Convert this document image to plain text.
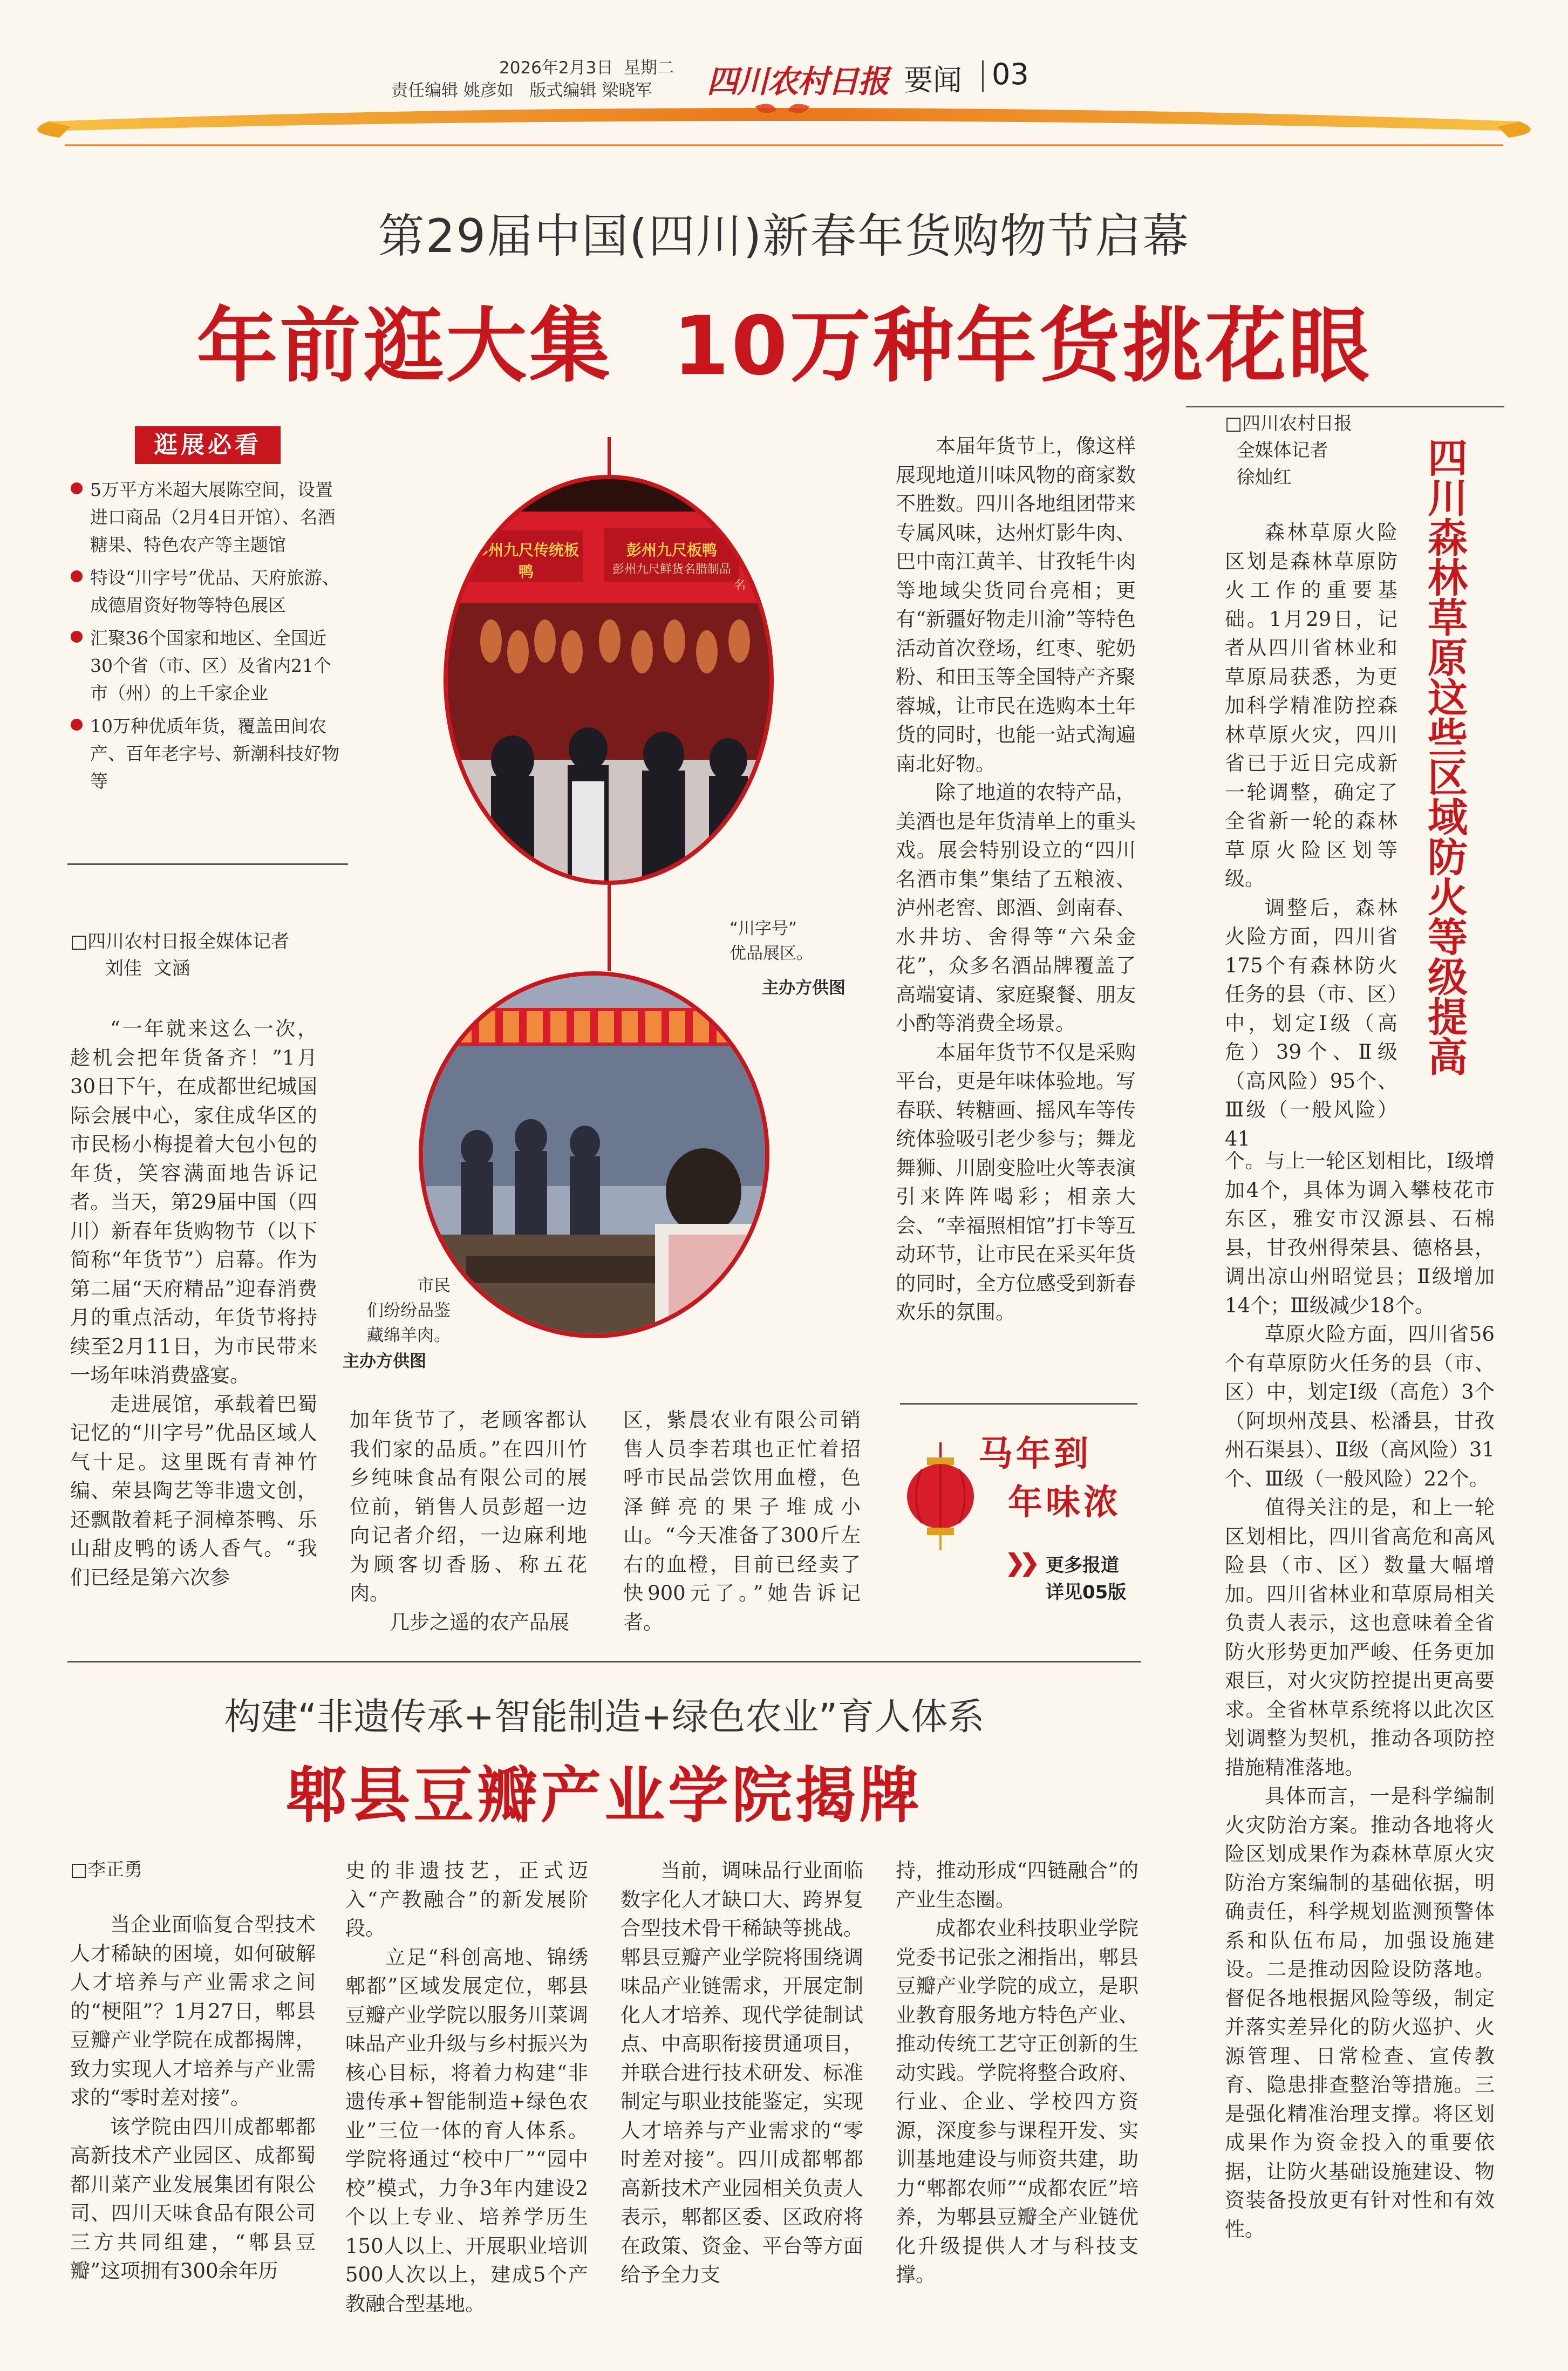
2026年2月3日  星期二
责任编辑 姚彦如   版式编辑 梁晓军 四川农村日报 要闻 03
第29届中国(四川)新春年货购物节启幕
年前逛大集  10万种年货挑花眼
逛展必看
5万平方米超大展陈空间，设置进口商品（2月4日开馆）、名酒糖果、特色农产等主题馆
特设“川字号”优品、天府旅游、成德眉资好物等特色展区
汇聚36个国家和地区、全国近30个省（市、区）及省内21个市（州）的上千家企业
10万种优质年货，覆盖田间农产、百年老字号、新潮科技好物等
彭州九尺传统板鸭
彭州九尺板鸭
彭州九尺鲜货名腊制品
名
“川字号”
优品展区。
主办方供图
市民
们纷纷品鉴
藏绵羊肉。
主办方供图

□四川农村日报全媒体记者
刘佳  文涵

“一年就来这么一次，趁机会把年货备齐！”1月30日下午，在成都世纪城国际会展中心，家住成华区的市民杨小梅提着大包小包的年货，笑容满面地告诉记者。当天，第29届中国（四川）新春年货购物节（以下简称“年货节”）启幕。作为第二届“天府精品”迎春消费月的重点活动，年货节将持续至2月11日，为市民带来一场年味消费盛宴。

走进展馆，承载着巴蜀记忆的“川字号”优品区域人气十足。这里既有青神竹编、荣县陶艺等非遗文创，还飘散着耗子洞樟茶鸭、乐山甜皮鸭的诱人香气。“我们已经是第六次参

加年货节了，老顾客都认我们家的品质。”在四川竹乡纯味食品有限公司的展位前，销售人员彭超一边向记者介绍，一边麻利地为顾客切香肠、称五花肉。

几步之遥的农产品展

区，紫晨农业有限公司销售人员李若琪也正忙着招呼市民品尝饮用血橙，色泽鲜亮的果子堆成小山。“今天准备了300斤左右的血橙，目前已经卖了快900元了。”她告诉记者。

本届年货节上，像这样展现地道川味风物的商家数不胜数。四川各地组团带来专属风味，达州灯影牛肉、巴中南江黄羊、甘孜牦牛肉等地域尖货同台亮相；更有“新疆好物走川渝”等特色活动首次登场，红枣、驼奶粉、和田玉等全国特产齐聚蓉城，让市民在选购本土年货的同时，也能一站式淘遍南北好物。

除了地道的农特产品，美酒也是年货清单上的重头戏。展会特别设立的“四川名酒市集”集结了五粮液、泸州老窖、郎酒、剑南春、水井坊、舍得等“六朵金花”，众多名酒品牌覆盖了高端宴请、家庭聚餐、朋友小酌等消费全场景。

本届年货节不仅是采购平台，更是年味体验地。写春联、转糖画、摇风车等传统体验吸引老少参与；舞龙舞狮、川剧变脸吐火等表演引来阵阵喝彩；相亲大会、“幸福照相馆”打卡等互动环节，让市民在采买年货的同时，全方位感受到新春欢乐的氛围。

马年到
年味浓
❯❯ 更多报道
详见05版

□四川农村日报
全媒体记者
徐灿红	四川森林草原这些区域防火等级提高

森林草原火险区划是森林草原防火工作的重要基础。1月29日，记者从四川省林业和草原局获悉，为更加科学精准防控森林草原火灾，四川省已于近日完成新一轮调整，确定了全省新一轮的森林草原火险区划等级。

调整后，森林火险方面，四川省175个有森林防火任务的县（市、区）中，划定Ⅰ级（高危）39个、Ⅱ级（高风险）95个、Ⅲ级（一般风险）41

个。与上一轮区划相比，Ⅰ级增加4个，具体为调入攀枝花市东区，雅安市汉源县、石棉县，甘孜州得荣县、德格县，调出凉山州昭觉县；Ⅱ级增加14个；Ⅲ级减少18个。

草原火险方面，四川省56个有草原防火任务的县（市、区）中，划定Ⅰ级（高危）3个（阿坝州茂县、松潘县，甘孜州石渠县）、Ⅱ级（高风险）31个、Ⅲ级（一般风险）22个。

值得关注的是，和上一轮区划相比，四川省高危和高风险县（市、区）数量大幅增加。四川省林业和草原局相关负责人表示，这也意味着全省防火形势更加严峻、任务更加艰巨，对火灾防控提出更高要求。全省林草系统将以此次区划调整为契机，推动各项防控措施精准落地。

具体而言，一是科学编制火灾防治方案。推动各地将火险区划成果作为森林草原火灾防治方案编制的基础依据，明确责任，科学规划监测预警体系和队伍布局，加强设施建设。二是推动因险设防落地。督促各地根据风险等级，制定并落实差异化的防火巡护、火源管理、日常检查、宣传教育、隐患排查整治等措施。三是强化精准治理支撑。将区划成果作为资金投入的重要依据，让防火基础设施建设、物资装备投放更有针对性和有效性。

构建“非遗传承+智能制造+绿色农业”育人体系
郫县豆瓣产业学院揭牌

□李正勇

当企业面临复合型技术人才稀缺的困境，如何破解人才培养与产业需求之间的“梗阻”？1月27日，郫县豆瓣产业学院在成都揭牌，致力实现人才培养与产业需求的“零时差对接”。

该学院由四川成都郫都高新技术产业园区、成都蜀都川菜产业发展集团有限公司、四川天味食品有限公司三方共同组建，“郫县豆瓣”这项拥有300余年历

史的非遗技艺，正式迈入“产教融合”的新发展阶段。

立足“科创高地、锦绣郫都”区域发展定位，郫县豆瓣产业学院以服务川菜调味品产业升级与乡村振兴为核心目标，将着力构建“非遗传承+智能制造+绿色农业”三位一体的育人体系。学院将通过“校中厂”“园中校”模式，力争3年内建设2个以上专业、培养学历生150人以上、开展职业培训500人次以上，建成5个产教融合型基地。

当前，调味品行业面临数字化人才缺口大、跨界复合型技术骨干稀缺等挑战。郫县豆瓣产业学院将围绕调味品产业链需求，开展定制化人才培养、现代学徒制试点、中高职衔接贯通项目，并联合进行技术研发、标准制定与职业技能鉴定，实现人才培养与产业需求的“零时差对接”。四川成都郫都高新技术产业园相关负责人表示，郫都区委、区政府将在政策、资金、平台等方面给予全力支

持，推动形成“四链融合”的产业生态圈。

成都农业科技职业学院党委书记张之湘指出，郫县豆瓣产业学院的成立，是职业教育服务地方特色产业、推动传统工艺守正创新的生动实践。学院将整合政府、行业、企业、学校四方资源，深度参与课程开发、实训基地建设与师资共建，助力“郫都农师”“成都农匠”培养，为郫县豆瓣全产业链优化升级提供人才与科技支撑。
